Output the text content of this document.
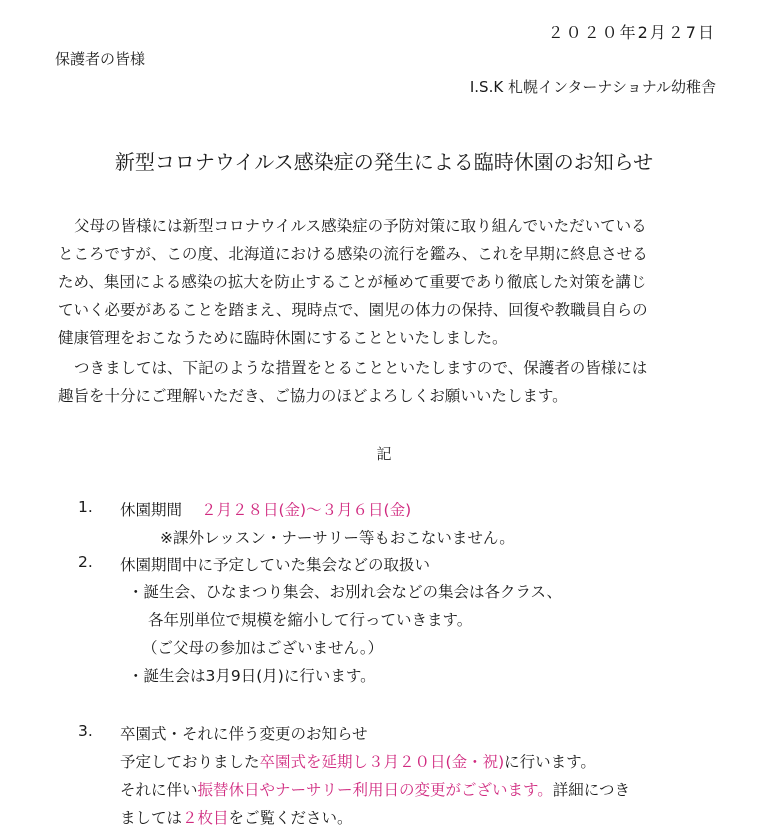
２０２０年2月２7日
保護者の皆様
I.S.K 札幌インターナショナル幼稚舎
新型コロナウイルス感染症の発生による臨時休園のお知らせ
父母の皆様には新型コロナウイルス感染症の予防対策に取り組んでいただいている
ところですが、この度、北海道における感染の流行を鑑み、これを早期に終息させる
ため、集団による感染の拡大を防止することが極めて重要であり徹底した対策を講じ
ていく必要があることを踏まえ、現時点で、園児の体力の保持、回復や教職員自らの
健康管理をおこなうために臨時休園にすることといたしました。
つきましては、下記のような措置をとることといたしますので、保護者の皆様には
趣旨を十分にご理解いただき、ご協力のほどよろしくお願いいたします。
記
1. 休園期間 ２月２８日(金)～３月６日(金)
※課外レッスン・ナーサリー等もおこないません。
2. 休園期間中に予定していた集会などの取扱い
・誕生会、ひなまつり集会、お別れ会などの集会は各クラス、
各年別単位で規模を縮小して行っていきます。
（ご父母の参加はございません。）
・誕生会は3月9日(月)に行います。
3. 卒園式・それに伴う変更のお知らせ
予定しておりました卒園式を延期し３月２０日(金・祝)に行います。
それに伴い振替休日やナーサリー利用日の変更がございます。詳細につき
ましては２枚目をご覧ください。
